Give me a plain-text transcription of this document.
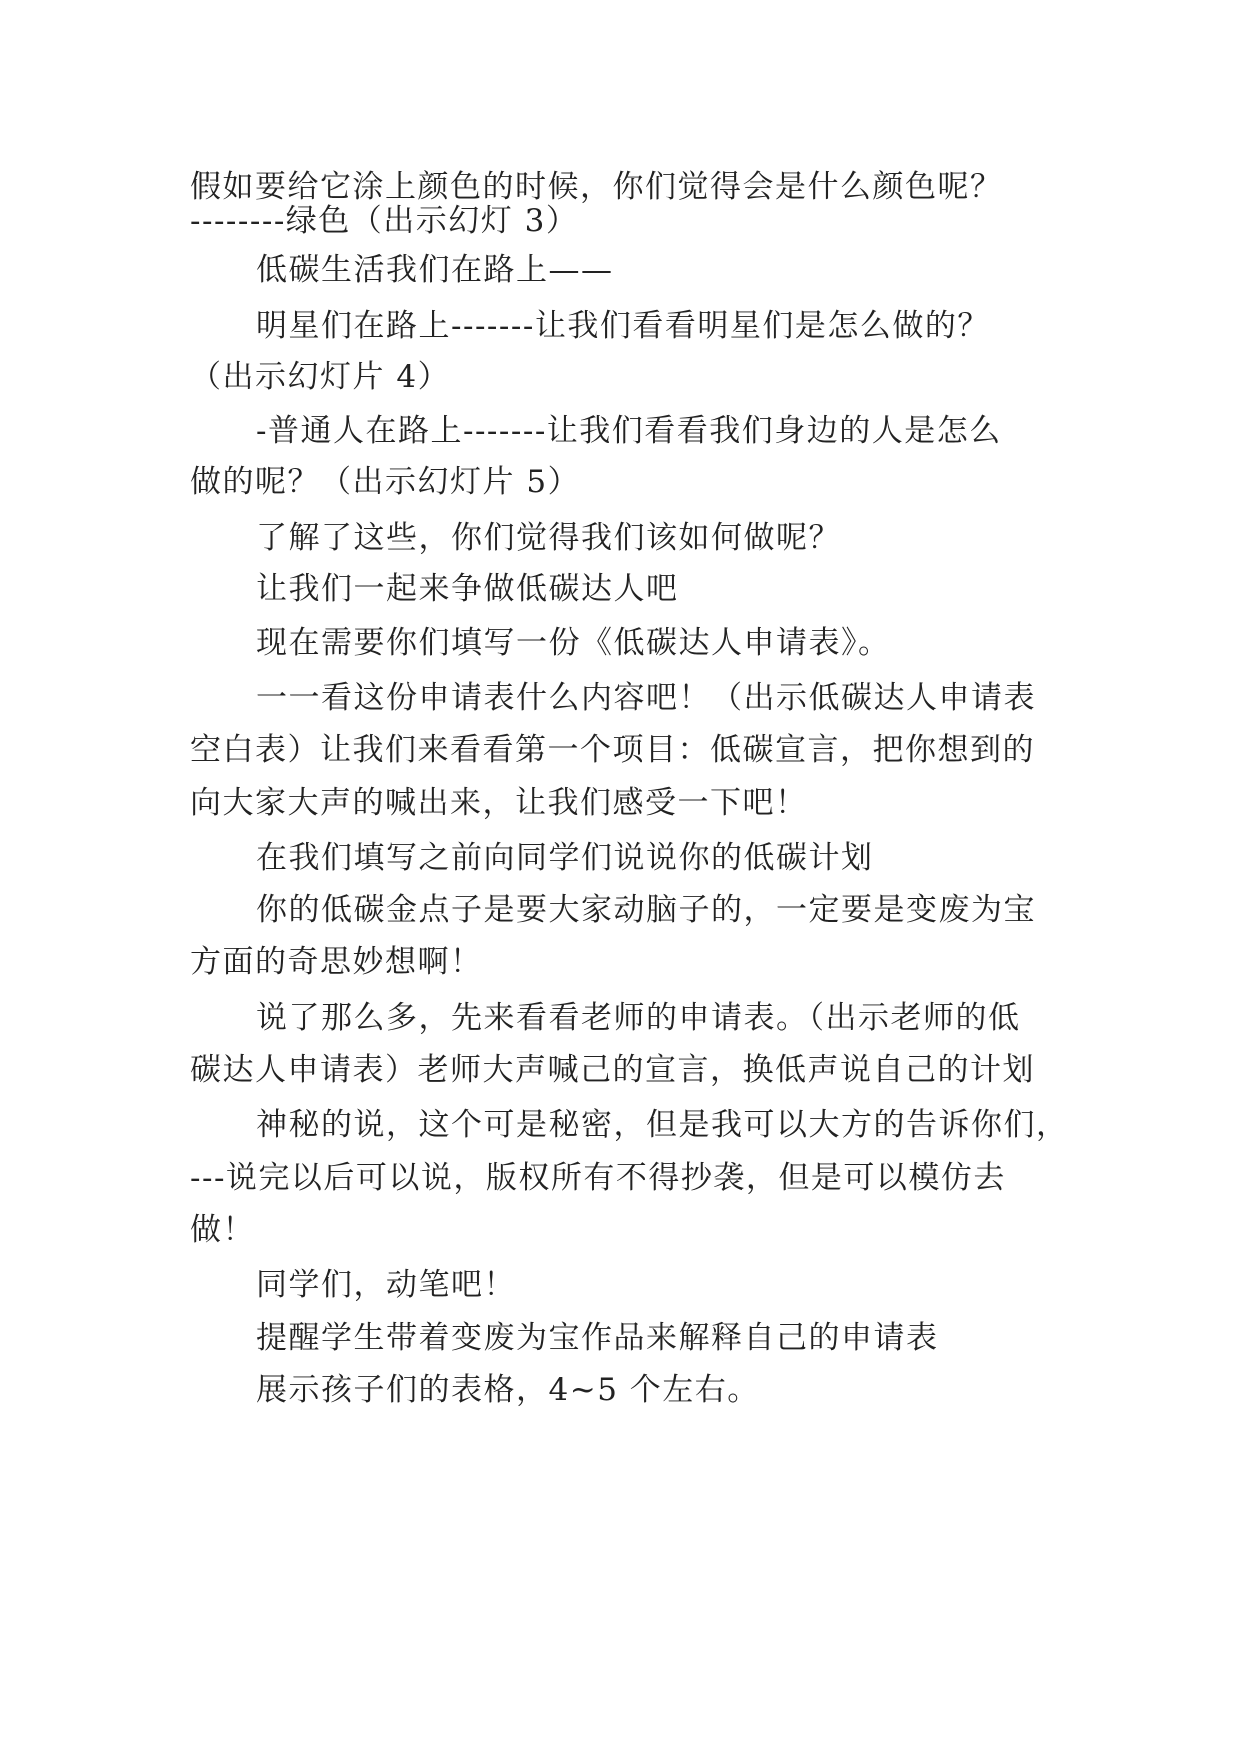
假如要给它涂上颜色的时候，你们觉得会是什么颜色呢？
--------绿色（出示幻灯 3）
低碳生活我们在路上——
明星们在路上-------让我们看看明星们是怎么做的？
（出示幻灯片 4）
-普通人在路上-------让我们看看我们身边的人是怎么
做的呢？（出示幻灯片 5）
了解了这些，你们觉得我们该如何做呢？
让我们一起来争做低碳达人吧
现在需要你们填写一份《低碳达人申请表》。
一一看这份申请表什么内容吧！（出示低碳达人申请表
空白表）让我们来看看第一个项目：低碳宣言，把你想到的
向大家大声的喊出来，让我们感受一下吧！
在我们填写之前向同学们说说你的低碳计划
你的低碳金点子是要大家动脑子的，一定要是变废为宝
方面的奇思妙想啊！
说了那么多，先来看看老师的申请表。（出示老师的低
碳达人申请表）老师大声喊己的宣言，换低声说自己的计划
神秘的说，这个可是秘密，但是我可以大方的告诉你们，
---说完以后可以说，版权所有不得抄袭，但是可以模仿去
做！
同学们，动笔吧！
提醒学生带着变废为宝作品来解释自己的申请表
展示孩子们的表格，4~5 个左右。
